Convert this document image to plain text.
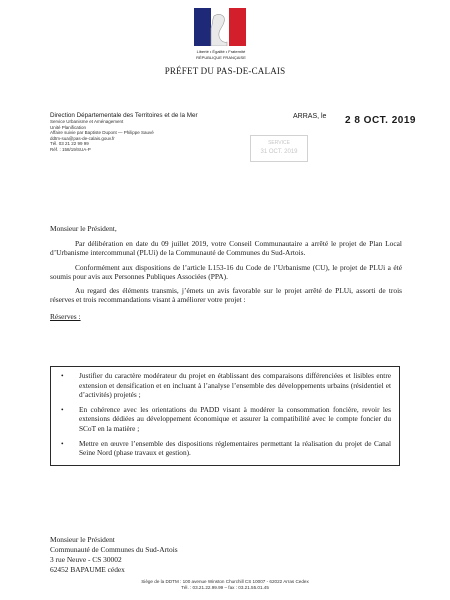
Liberté • Égalité • Fraternité
RÉPUBLIQUE FRANÇAISE
PRÉFET DU PAS-DE-CALAIS
Direction Départementale des Territoires et de la Mer
Service Urbanisme et Aménagement
Unité Planification
Affaire suivie par Baptiste Dupont — Philippe Sauvé
ddtm-sua@pas-de-calais.gouv.fr
Tél. 03 21 22 99 99
Réf. : 158/19/SUA-P
ARRAS, le 2 8 OCT. 2019
SERVICE
31 OCT. 2019
Monsieur le Président,

Par délibération en date du 09 juillet 2019, votre Conseil Communautaire a arrêté le projet de Plan Local d’Urbanisme intercommunal (PLUi) de la Communauté de Communes du Sud-Artois.

Conformément aux dispositions de l’article L153-16 du Code de l’Urbanisme (CU), le projet de PLUi a été soumis pour avis aux Personnes Publiques Associées (PPA).

Au regard des éléments transmis, j’émets un avis favorable sur le projet arrêté de PLUi, assorti de trois réserves et trois recommandations visant à améliorer votre projet :

Réserves :
• Justifier du caractère modérateur du projet en établissant des comparaisons différenciées et lisibles entre extension et densification et en incluant à l’analyse l’ensemble des développements urbains (résidentiel et d’activités) projetés ;
• En cohérence avec les orientations du PADD visant à modérer la consommation foncière, revoir les extensions dédiées au développement économique et assurer la compatibilité avec le compte foncier du SCoT en la matière ;
• Mettre en œuvre l’ensemble des dispositions réglementaires permettant la réalisation du projet de Canal Seine Nord (phase travaux et gestion).
Monsieur le Président
Communauté de Communes du Sud-Artois
3 rue Neuve - CS 30002
62452 BAPAUME cédex
Siège de la DDTM : 100 avenue Winston Churchill CS 10007 - 62022 Arras Cedex
Tél. : 03.21.22.99.99 – fax : 03.21.55.01.45
